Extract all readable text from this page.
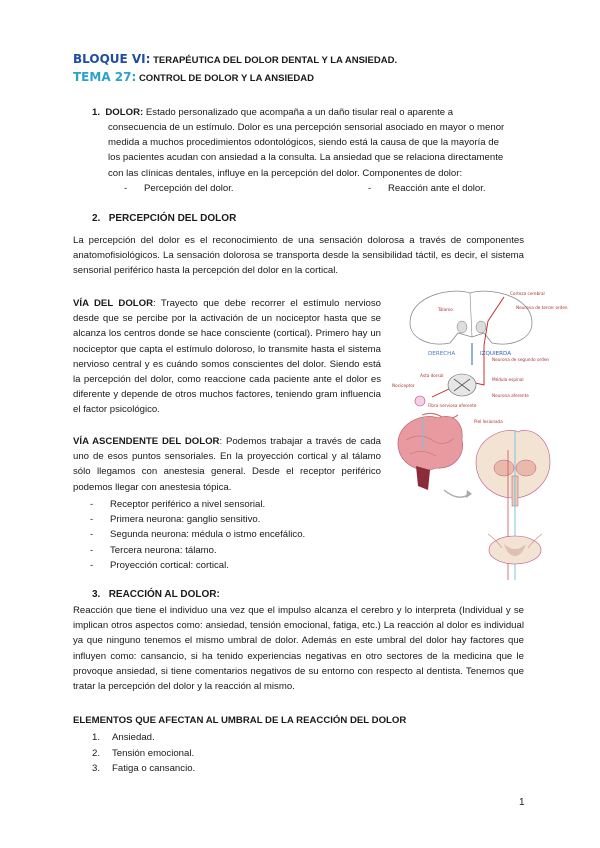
BLOQUE VI: TERAPÉUTICA DEL DOLOR DENTAL Y LA ANSIEDAD.
TEMA 27: CONTROL DE DOLOR Y LA ANSIEDAD
1. DOLOR: Estado personalizado que acompaña a un daño tisular real o aparente a
consecuencia de un estímulo. Dolor es una percepción sensorial asociado en mayor o menor
medida a muchos procedimientos odontológicos, siendo está la causa de que la mayoría de
los pacientes acudan con ansiedad a la consulta. La ansiedad que se relaciona directamente
con las clínicas dentales, influye en la percepción del dolor. Componentes de dolor:
- Percepción del dolor.	- Reacción ante el dolor.
2. PERCEPCIÓN DEL DOLOR
La percepción del dolor es el reconocimiento de una sensación dolorosa a través de componentes anatomofisiológicos. La sensación dolorosa se transporta desde la sensibilidad táctil, es decir, el sistema sensorial periférico hasta la percepción del dolor en la cortical.
VÍA DEL DOLOR: Trayecto que debe recorrer el estímulo nervioso desde que se percibe por la activación de un nociceptor hasta que se alcanza los centros donde se hace consciente (cortical). Primero hay un nociceptor que capta el estímulo doloroso, lo transmite hasta el sistema nervioso central y es cuándo somos conscientes del dolor. Siendo está la percepción del dolor, como reaccione cada paciente ante el dolor es diferente y depende de otros muchos factores, teniendo gram influencia el factor psicológico.
VÍA ASCENDENTE DEL DOLOR: Podemos trabajar a través de cada uno de esos puntos sensoriales. En la proyección cortical y al tálamo sólo llegamos con anestesia general. Desde el receptor periférico podemos llegar con anestesia tópica.
- Receptor periférico a nivel sensorial.
- Primera neurona: ganglio sensitivo.
- Segunda neurona: médula o istmo encefálico.
- Tercera neurona: tálamo.
- Proyección cortical: cortical.
DERECHA	IZQUIERDA
Corteza cerebral
Neurona de tercer orden
Tálamo
Neurona de segundo orden
Asta dorsal
Médula espinal
Nociceptor
Neurona aferente
Fibra nerviosa aferente
Piel lesionada
3. REACCIÓN AL DOLOR:
Reacción que tiene el individuo una vez que el impulso alcanza el cerebro y lo interpreta (Individual y se implican otros aspectos como: ansiedad, tensión emocional, fatiga, etc.) La reacción al dolor es individual ya que ninguno tenemos el mismo umbral de dolor. Además en este umbral del dolor hay factores que influyen como: cansancio, si ha tenido experiencias negativas en otro sectores de la medicina que le provoque ansiedad, si tiene comentarios negativos de su entorno con respecto al dentista. Tenemos que tratar la percepción del dolor y la reacción al mismo.
ELEMENTOS QUE AFECTAN AL UMBRAL DE LA REACCIÓN DEL DOLOR
1. Ansiedad.
2. Tensión emocional.
3. Fatiga o cansancio.
1
